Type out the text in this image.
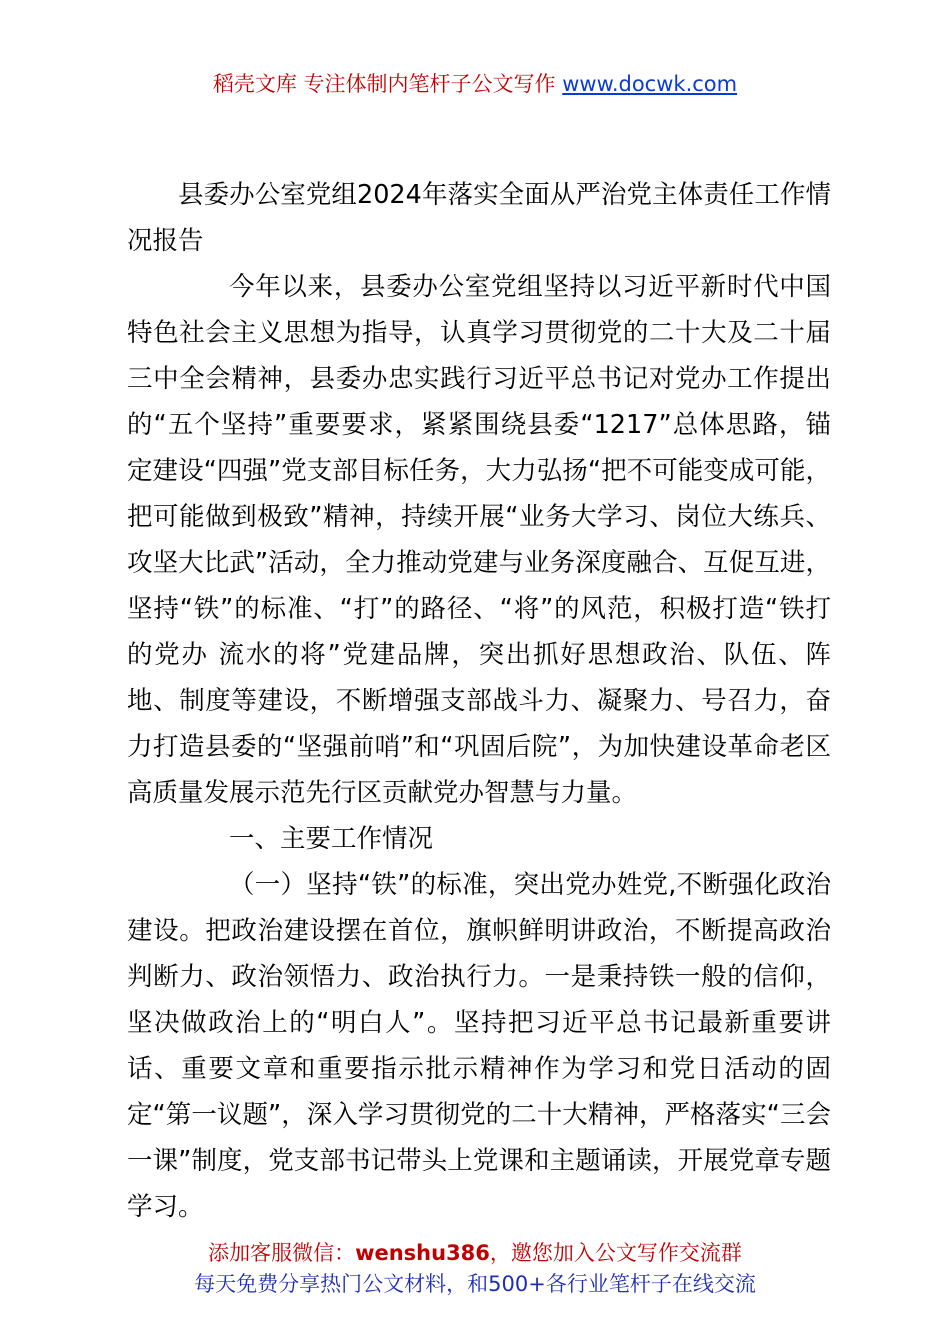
稻壳文库 专注体制内笔杆子公文写作 www.docwk.com

县委办公室党组2024年落实全面从严治党主体责任工作情况报告

今年以来，县委办公室党组坚持以习近平新时代中国特色社会主义思想为指导，认真学习贯彻党的二十大及二十届三中全会精神，县委办忠实践行习近平总书记对党办工作提出的“五个坚持”重要要求，紧紧围绕县委“1217”总体思路，锚定建设“四强”党支部目标任务，大力弘扬“把不可能变成可能，把可能做到极致”精神，持续开展“业务大学习、岗位大练兵、攻坚大比武”活动，全力推动党建与业务深度融合、互促互进，坚持“铁”的标准、“打”的路径、“将”的风范，积极打造“铁打的党办 流水的将”党建品牌，突出抓好思想政治、队伍、阵地、制度等建设，不断增强支部战斗力、凝聚力、号召力，奋力打造县委的“坚强前哨”和“巩固后院”，为加快建设革命老区高质量发展示范先行区贡献党办智慧与力量。

一、主要工作情况

（一）坚持“铁”的标准，突出党办姓党,不断强化政治建设。把政治建设摆在首位，旗帜鲜明讲政治，不断提高政治判断力、政治领悟力、政治执行力。一是秉持铁一般的信仰，坚决做政治上的“明白人”。坚持把习近平总书记最新重要讲话、重要文章和重要指示批示精神作为学习和党日活动的固定“第一议题”，深入学习贯彻党的二十大精神，严格落实“三会一课”制度，党支部书记带头上党课和主题诵读，开展党章专题学习。

添加客服微信：wenshu386，邀您加入公文写作交流群
每天免费分享热门公文材料，和500+各行业笔杆子在线交流
